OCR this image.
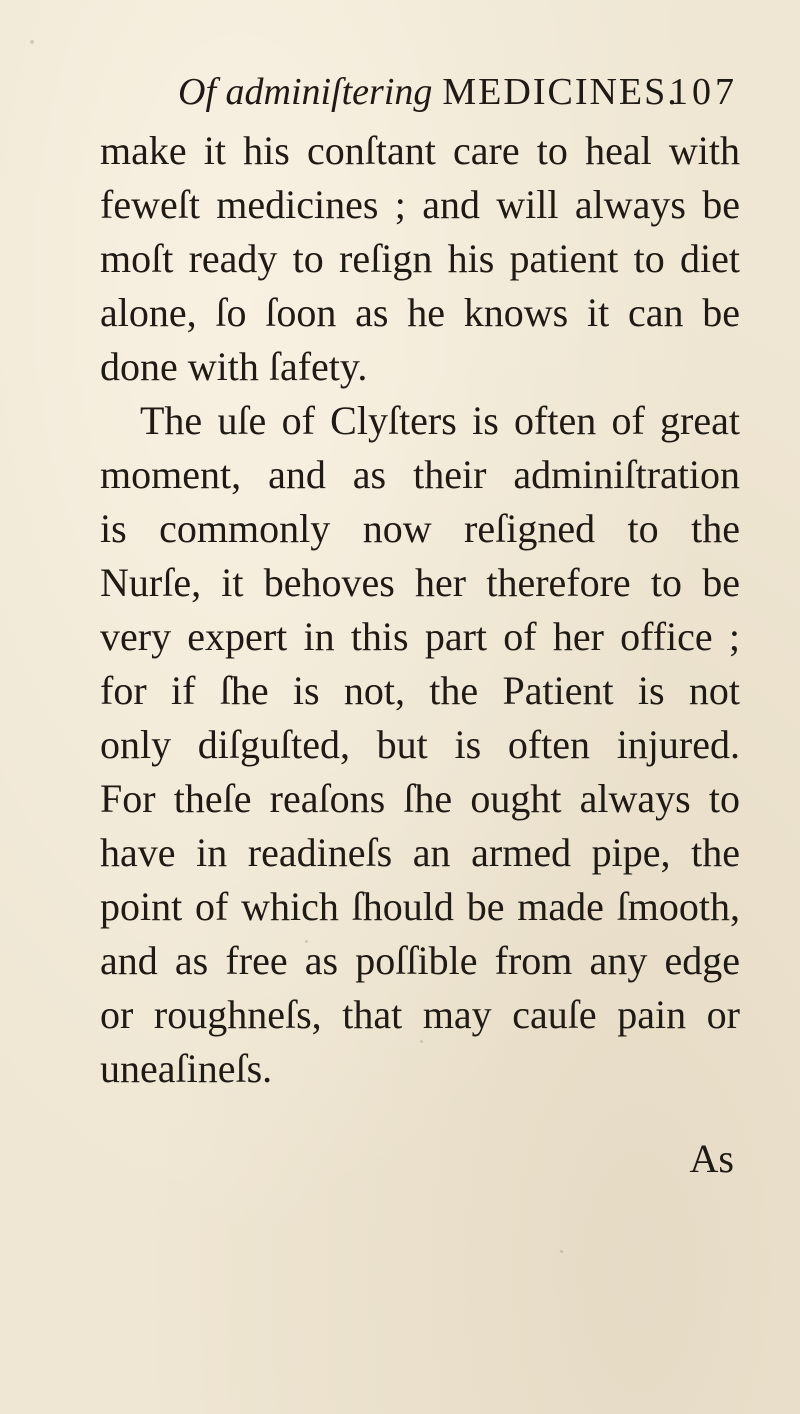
Of adminiſtering MEDICINES.
107
make it his conſtant care to heal with
feweſt medicines ; and will always be
moſt ready to reſign his patient to diet
alone, ſo ſoon as he knows it can be
done with ſafety.
The uſe of Clyſters is often of great
moment, and as their adminiſtration
is commonly now reſigned to the
Nurſe, it behoves her therefore to be
very expert in this part of her office ;
for if ſhe is not, the Patient is not
only diſguſted, but is often injured.
For theſe reaſons ſhe ought always to
have in readineſs an armed pipe, the
point of which ſhould be made ſmooth,
and as free as poſſible from any edge
or roughneſs, that may cauſe pain or
uneaſineſs.
As
